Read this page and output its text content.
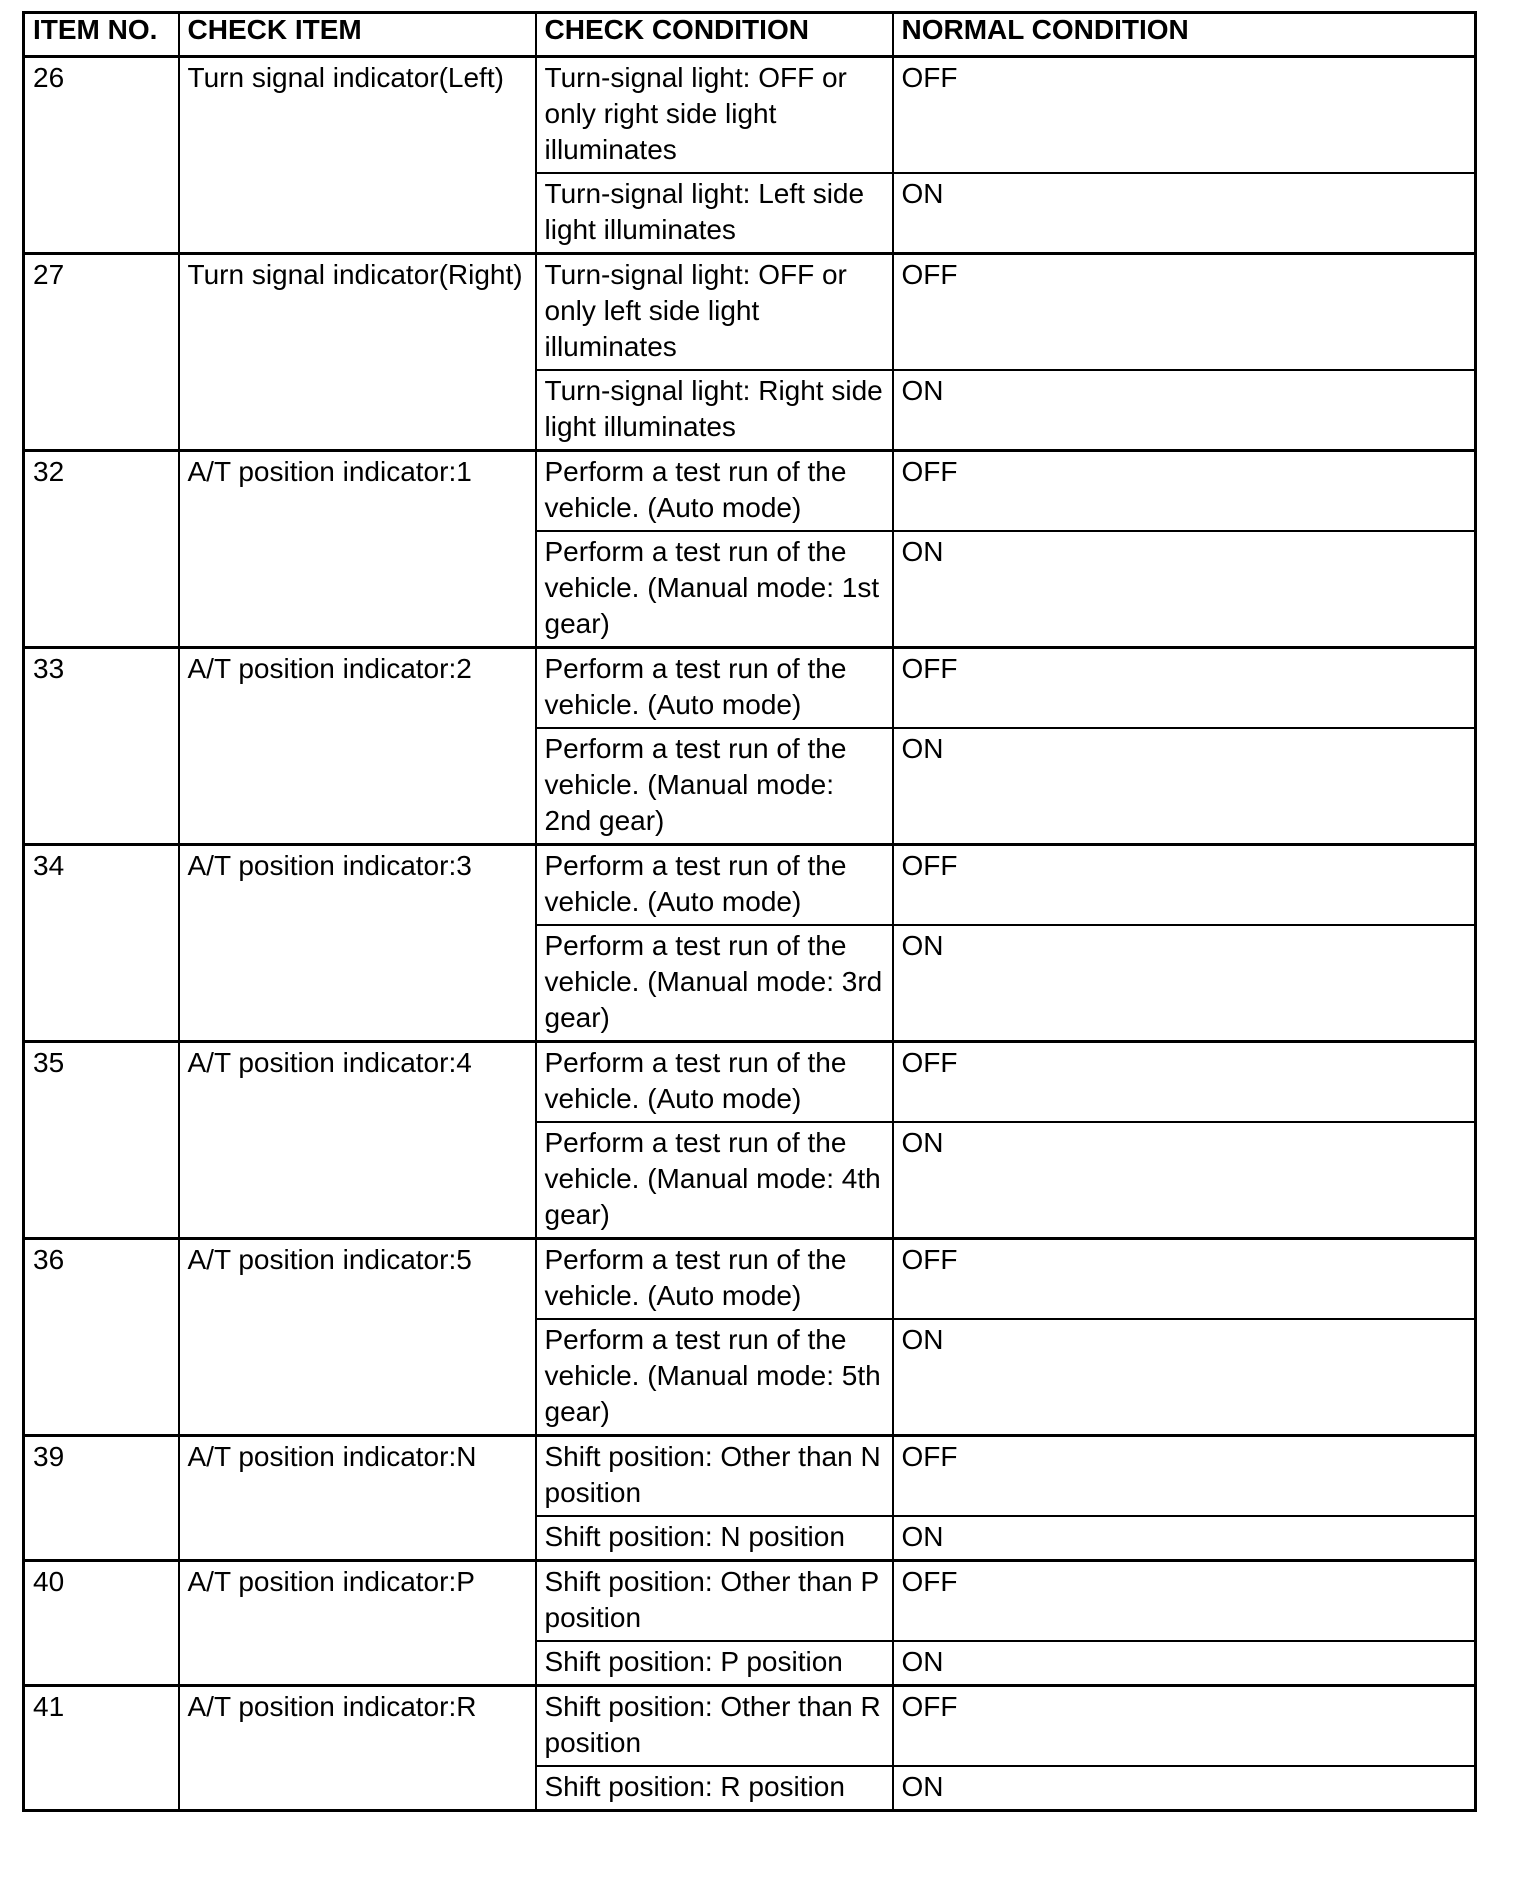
ITEM NO.	CHECK ITEM	CHECK CONDITION	NORMAL CONDITION
26	Turn signal indicator(Left)	Turn-signal light: OFF or only right side light illuminates	OFF
		Turn-signal light: Left side light illuminates	ON
27	Turn signal indicator(Right)	Turn-signal light: OFF or only left side light illuminates	OFF
		Turn-signal light: Right side light illuminates	ON
32	A/T position indicator:1	Perform a test run of the vehicle. (Auto mode)	OFF
		Perform a test run of the vehicle. (Manual mode: 1st gear)	ON
33	A/T position indicator:2	Perform a test run of the vehicle. (Auto mode)	OFF
		Perform a test run of the vehicle. (Manual mode: 2nd gear)	ON
34	A/T position indicator:3	Perform a test run of the vehicle. (Auto mode)	OFF
		Perform a test run of the vehicle. (Manual mode: 3rd gear)	ON
35	A/T position indicator:4	Perform a test run of the vehicle. (Auto mode)	OFF
		Perform a test run of the vehicle. (Manual mode: 4th gear)	ON
36	A/T position indicator:5	Perform a test run of the vehicle. (Auto mode)	OFF
		Perform a test run of the vehicle. (Manual mode: 5th gear)	ON
39	A/T position indicator:N	Shift position: Other than N position	OFF
		Shift position: N position	ON
40	A/T position indicator:P	Shift position: Other than P position	OFF
		Shift position: P position	ON
41	A/T position indicator:R	Shift position: Other than R position	OFF
		Shift position: R position	ON
